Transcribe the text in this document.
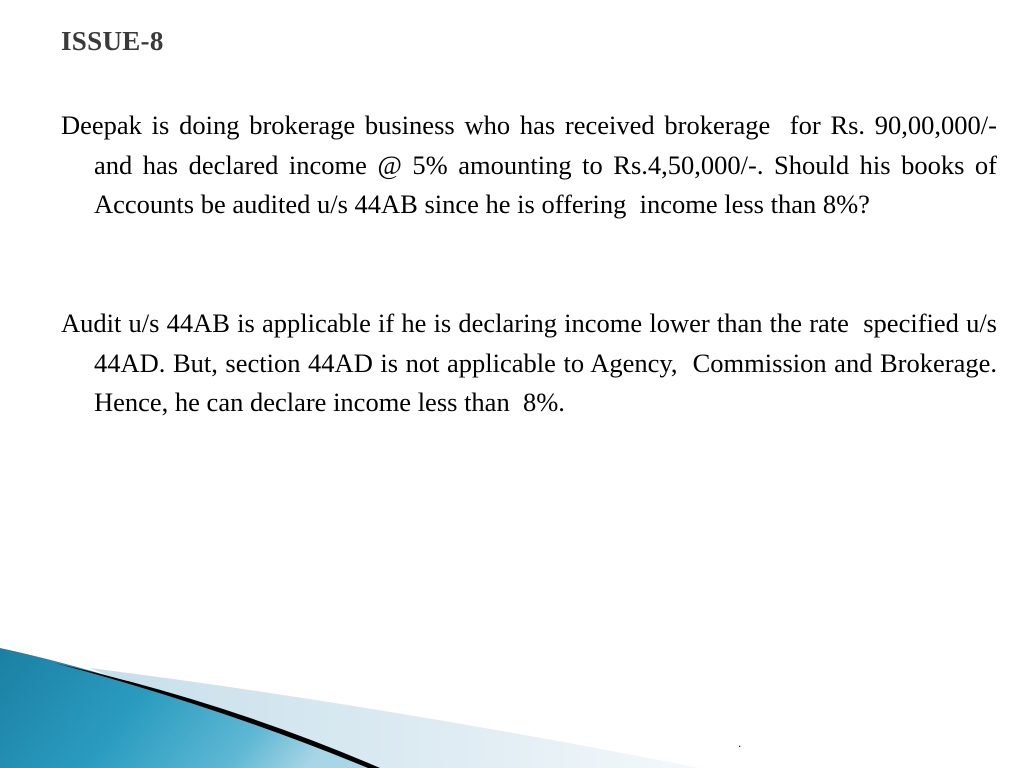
ISSUE-8

Deepak is doing brokerage business who has received brokerage  for Rs. 90,00,000/- and has declared income @ 5% amounting to Rs.4,50,000/-. Should his books of Accounts be audited u/s 44AB since he is offering  income less than 8%?

Audit u/s 44AB is applicable if he is declaring income lower than the rate  specified u/s 44AD. But, section 44AD is not applicable to Agency,  Commission and Brokerage. Hence, he can declare income less than  8%.

.
